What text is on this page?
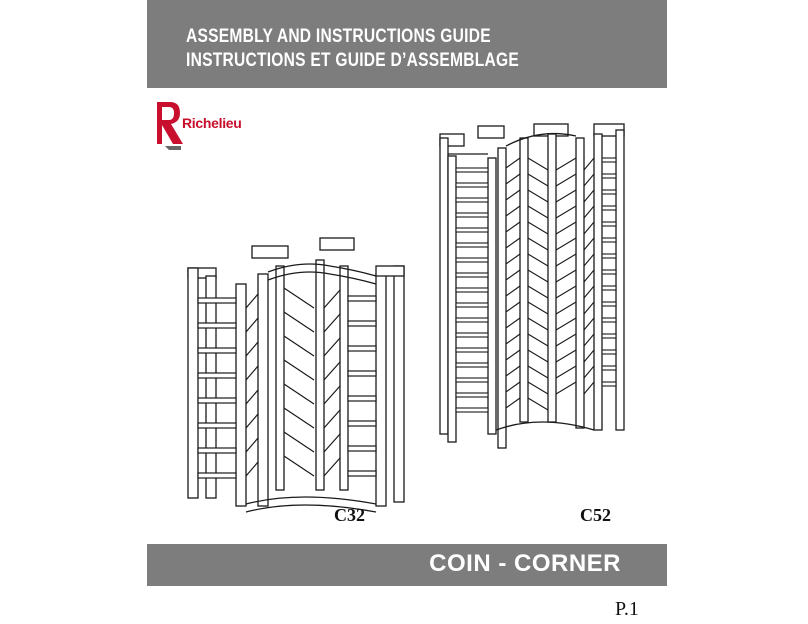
ASSEMBLY AND INSTRUCTIONS GUIDE
INSTRUCTIONS ET GUIDE D’ASSEMBLAGE
Richelieu
C32	C52
COIN - CORNER
P.1
